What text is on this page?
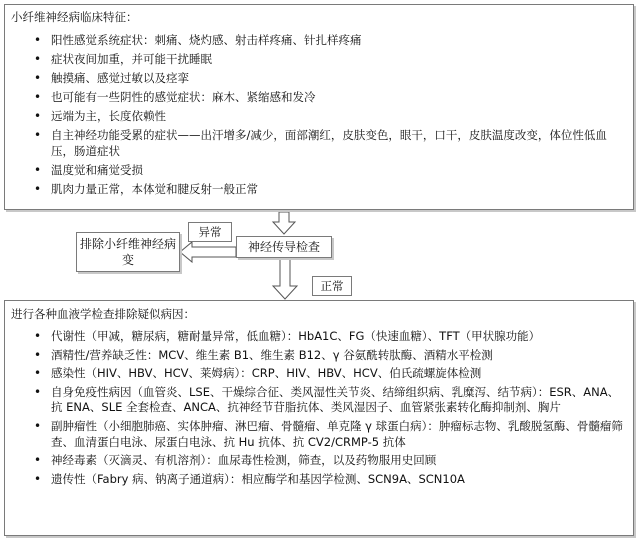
小纤维神经病临床特征：
• 阳性感觉系统症状：刺痛、烧灼感、射击样疼痛、针扎样疼痛
• 症状夜间加重，并可能干扰睡眠
• 触摸痛、感觉过敏以及痉挛
• 也可能有一些阴性的感觉症状：麻木、紧缩感和发冷
• 远端为主，长度依赖性
• 自主神经功能受累的症状——出汗增多/减少，面部潮红，皮肤变色，眼干，口干，皮肤温度改变，体位性低血压，肠道症状
• 温度觉和痛觉受损
• 肌肉力量正常，本体觉和腱反射一般正常
排除小纤维神经病变
神经传导检查
异常
正常
进行各种血液学检查排除疑似病因：
• 代谢性（甲减，糖尿病，糖耐量异常，低血糖）：HbA1C、FG（快速血糖）、TFT（甲状腺功能）
• 酒精性/营养缺乏性：MCV、维生素 B1、维生素 B12、γ 谷氨酰转肽酶、酒精水平检测
• 感染性（HIV、HBV、HCV、莱姆病）：CRP、HIV、HBV、HCV、伯氏疏螺旋体检测
• 自身免疫性病因（血管炎、LSE、干燥综合征、类风湿性关节炎、结缔组织病、乳糜泻、结节病）：ESR、ANA、抗 ENA、SLE 全套检查、ANCA、抗神经节苷脂抗体、类风湿因子、血管紧张素转化酶抑制剂、胸片
• 副肿瘤性（小细胞肺癌、实体肿瘤、淋巴瘤、骨髓瘤、单克隆 γ 球蛋白病）：肿瘤标志物、乳酸脱氢酶、骨髓瘤筛查、血清蛋白电泳、尿蛋白电泳、抗 Hu 抗体、抗 CV2/CRMP-5 抗体
• 神经毒素（灭滴灵、有机溶剂）：血尿毒性检测，筛查，以及药物服用史回顾
• 遗传性（Fabry 病、钠离子通道病）：相应酶学和基因学检测、SCN9A、SCN10A
